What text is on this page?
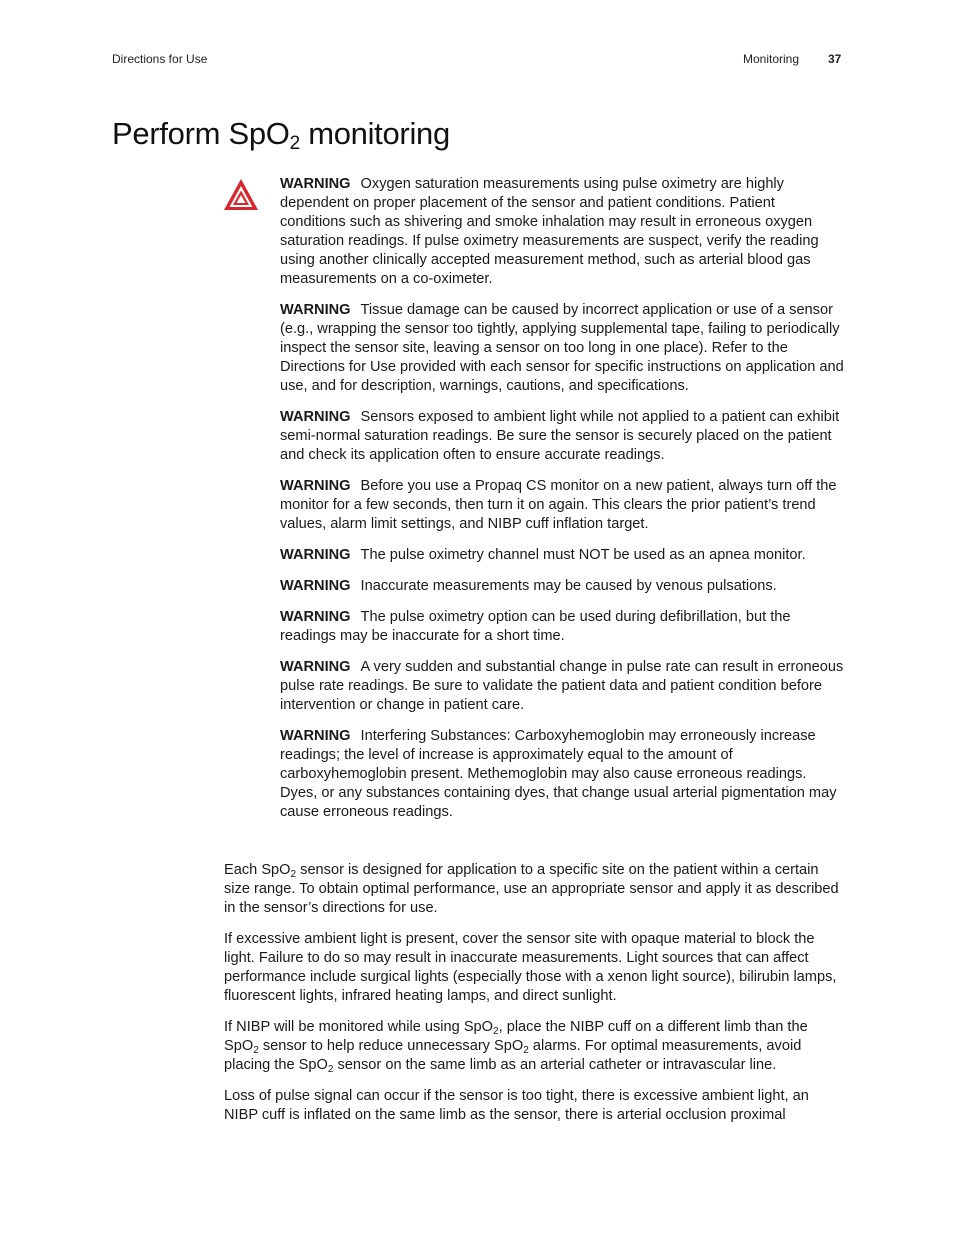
Directions for Use	Monitoring 37
Perform SpO$_2$ monitoring

WARNING Oxygen saturation measurements using pulse oximetry are highly dependent on proper placement of the sensor and patient conditions. Patient conditions such as shivering and smoke inhalation may result in erroneous oxygen saturation readings. If pulse oximetry measurements are suspect, verify the reading using another clinically accepted measurement method, such as arterial blood gas measurements on a co-oximeter.

WARNING Tissue damage can be caused by incorrect application or use of a sensor (e.g., wrapping the sensor too tightly, applying supplemental tape, failing to periodically inspect the sensor site, leaving a sensor on too long in one place). Refer to the Directions for Use provided with each sensor for specific instructions on application and use, and for description, warnings, cautions, and specifications.

WARNING Sensors exposed to ambient light while not applied to a patient can exhibit semi-normal saturation readings. Be sure the sensor is securely placed on the patient and check its application often to ensure accurate readings.

WARNING Before you use a Propaq CS monitor on a new patient, always turn off the monitor for a few seconds, then turn it on again. This clears the prior patient’s trend values, alarm limit settings, and NIBP cuff inflation target.

WARNING The pulse oximetry channel must NOT be used as an apnea monitor.

WARNING Inaccurate measurements may be caused by venous pulsations.

WARNING The pulse oximetry option can be used during defibrillation, but the readings may be inaccurate for a short time.

WARNING A very sudden and substantial change in pulse rate can result in erroneous pulse rate readings. Be sure to validate the patient data and patient condition before intervention or change in patient care.

WARNING Interfering Substances: Carboxyhemoglobin may erroneously increase readings; the level of increase is approximately equal to the amount of carboxyhemoglobin present. Methemoglobin may also cause erroneous readings. Dyes, or any substances containing dyes, that change usual arterial pigmentation may cause erroneous readings.

Each SpO$_2$ sensor is designed for application to a specific site on the patient within a certain size range. To obtain optimal performance, use an appropriate sensor and apply it as described in the sensor’s directions for use.

If excessive ambient light is present, cover the sensor site with opaque material to block the light. Failure to do so may result in inaccurate measurements. Light sources that can affect performance include surgical lights (especially those with a xenon light source), bilirubin lamps, fluorescent lights, infrared heating lamps, and direct sunlight.

If NIBP will be monitored while using SpO$_2$, place the NIBP cuff on a different limb than the SpO$_2$ sensor to help reduce unnecessary SpO$_2$ alarms. For optimal measurements, avoid placing the SpO$_2$ sensor on the same limb as an arterial catheter or intravascular line.

Loss of pulse signal can occur if the sensor is too tight, there is excessive ambient light, an NIBP cuff is inflated on the same limb as the sensor, there is arterial occlusion proximal
